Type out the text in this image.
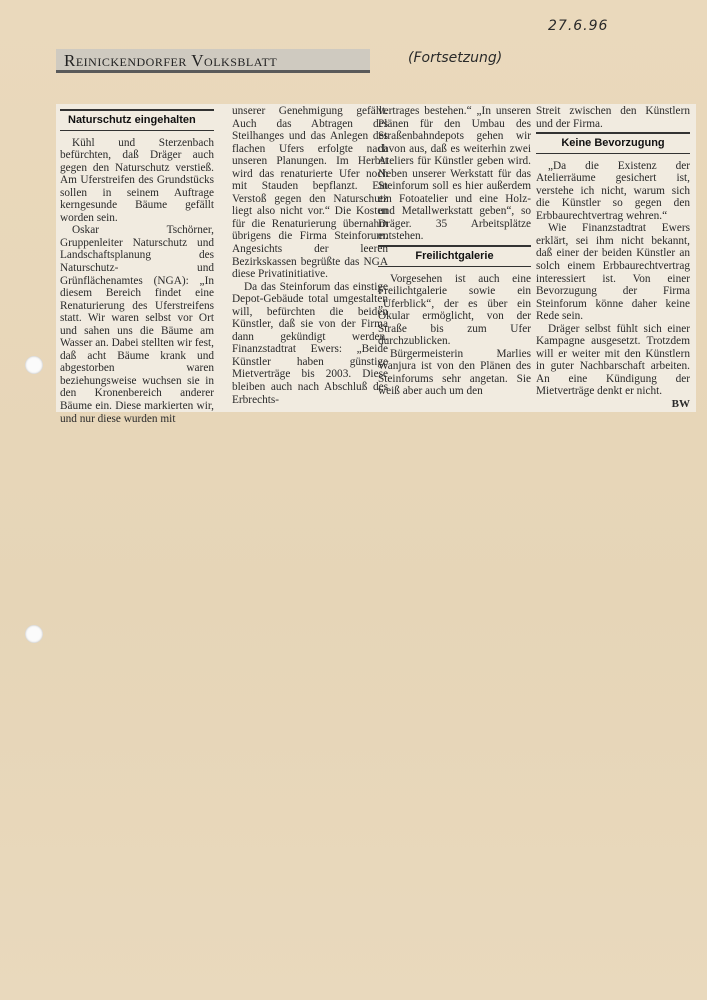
27.6.96
(Fortsetzung)
Reinickendorfer Volksblatt
Naturschutz eingehalten

Kühl und Sterzenbach befürchten, daß Dräger auch gegen den Naturschutz verstieß. Am Uferstreifen des Grundstücks sollen in seinem Auftrage kerngesunde Bäume gefällt worden sein.

Oskar Tschörner, Gruppenleiter Naturschutz und Landschaftsplanung des Naturschutz- und Grünflächenamtes (NGA): „In diesem Bereich findet eine Renaturierung des Uferstreifens statt. Wir waren selbst vor Ort und sahen uns die Bäume am Wasser an. Dabei stellten wir fest, daß acht Bäume krank und abgestorben waren beziehungsweise wuchsen sie in den Kronenbereich anderer Bäume ein. Diese markierten wir, und nur diese wurden mit

unserer Genehmigung gefällt. Auch das Abtragen des Steilhanges und das Anlegen des flachen Ufers erfolgte nach unseren Planungen. Im Herbst wird das renaturierte Ufer noch mit Stauden bepflanzt. Ein Verstoß gegen den Naturschutz liegt also nicht vor.“ Die Kosten für die Renaturierung übernahm übrigens die Firma Steinforum. Angesichts der leeren Bezirkskassen begrüßte das NGA diese Privatinitiative.

Da das Steinforum das einstige Depot-Gebäude total umgestalten will, befürchten die beiden Künstler, daß sie von der Firma dann gekündigt werden. Finanzstadtrat Ewers: „Beide Künstler haben günstige Mietverträge bis 2003. Diese bleiben auch nach Abschluß des Erbrechts-

vertrages bestehen.“ „In unseren Plänen für den Umbau des Straßenbahndepots gehen wir davon aus, daß es weiterhin zwei Ateliers für Künstler geben wird. Neben unserer Werkstatt für das Steinforum soll es hier außerdem ein Fotoatelier und eine Holz- und Metallwerkstatt geben“, so Dräger. 35 Arbeitsplätze entstehen.

Freilichtgalerie

Vorgesehen ist auch eine Freilichtgalerie sowie ein „Uferblick“, der es über ein Okular ermöglicht, von der Straße bis zum Ufer durchzublicken.

Bürgermeisterin Marlies Wanjura ist von den Plänen des Steinforums sehr angetan. Sie weiß aber auch um den

Streit zwischen den Künstlern und der Firma.

Keine Bevorzugung

„Da die Existenz der Atelierräume gesichert ist, verstehe ich nicht, warum sich die Künstler so gegen den Erbbaurechtvertrag wehren.“

Wie Finanzstadtrat Ewers erklärt, sei ihm nicht bekannt, daß einer der beiden Künstler an solch einem Erbbaurechtvertrag interessiert ist. Von einer Bevorzugung der Firma Steinforum könne daher keine Rede sein.

Dräger selbst fühlt sich einer Kampagne ausgesetzt. Trotzdem will er weiter mit den Künstlern in guter Nachbarschaft arbeiten. An eine Kündigung der Mietverträge denkt er nicht.
BW
